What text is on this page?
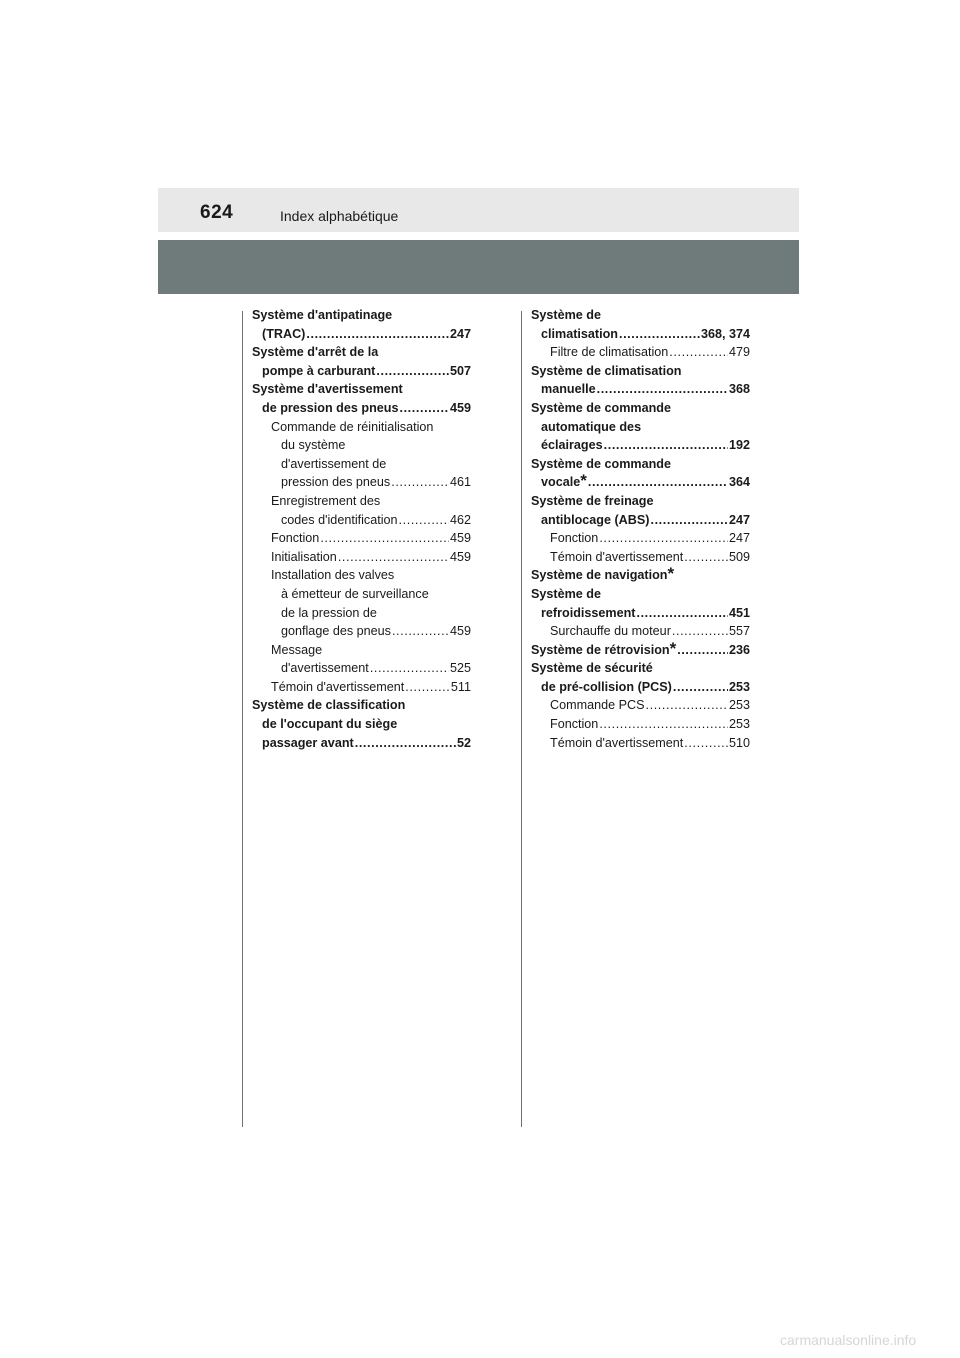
624	Index alphabétique
Système d'antipatinage
(TRAC) .....	247
Système d'arrêt de la
pompe à carburant .....	507
Système d'avertissement
de pression des pneus .....	459
Commande de réinitialisation
du système
d'avertissement de
pression des pneus .....	461
Enregistrement des
codes d'identification .....	462
Fonction .....	459
Initialisation .....	459
Installation des valves
à émetteur de surveillance
de la pression de
gonflage des pneus .....	459
Message
d'avertissement .....	525
Témoin d'avertissement .....	511
Système de classification
de l'occupant du siège
passager avant .....	52
Système de
climatisation .....	368, 374
Filtre de climatisation .....	479
Système de climatisation
manuelle .....	368
Système de commande
automatique des
éclairages .....	192
Système de commande
vocale * .....	364
Système de freinage
antiblocage (ABS) .....	247
Fonction .....	247
Témoin d'avertissement .....	509
Système de navigation *
Système de
refroidissement .....	451
Surchauffe du moteur .....	557
Système de rétrovision * .....	236
Système de sécurité
de pré-collision (PCS) .....	253
Commande PCS .....	253
Fonction .....	253
Témoin d'avertissement .....	510
carmanualsonline.info
